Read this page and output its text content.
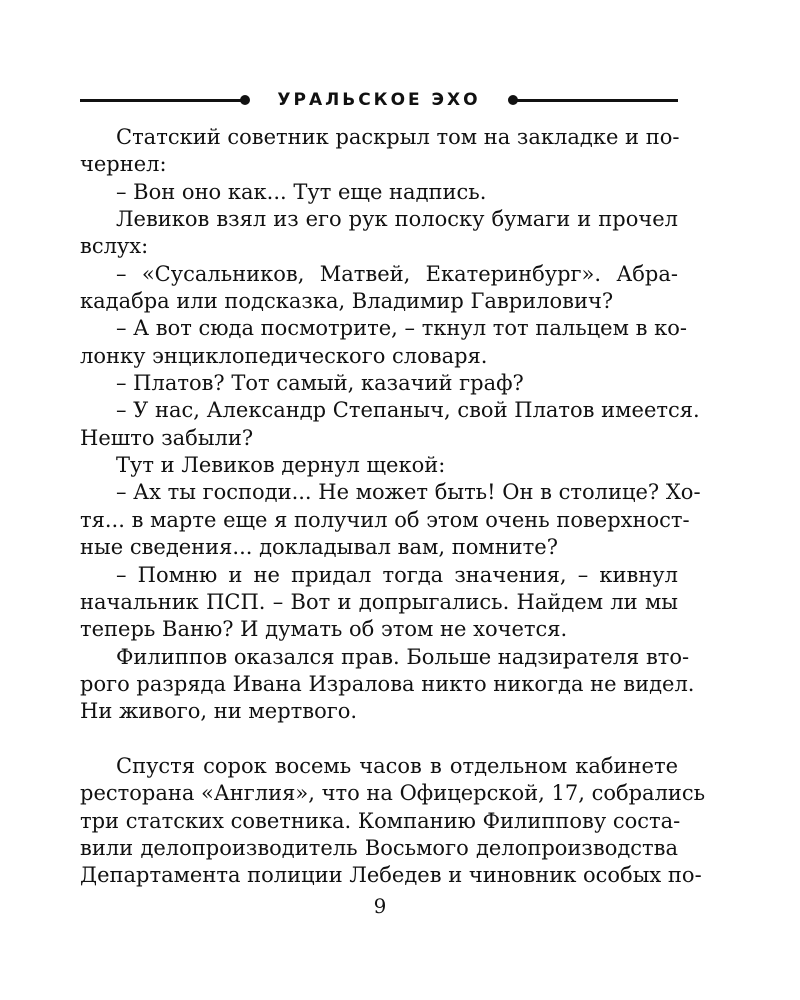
УРАЛЬСКОЕ ЭХО
Статский советник раскрыл том на закладке и по-
чернел:
– Вон оно как... Тут еще надпись.
Левиков взял из его рук полоску бумаги и прочел
вслух:
– «Сусальников, Матвей, Екатеринбург». Абра-
кадабра или подсказка, Владимир Гаврилович?
– А вот сюда посмотрите, – ткнул тот пальцем в ко-
лонку энциклопедического словаря.
– Платов? Тот самый, казачий граф?
– У нас, Александр Степаныч, свой Платов имеется.
Нешто забыли?
Тут и Левиков дернул щекой:
– Ах ты господи... Не может быть! Он в столице? Хо-
тя... в марте еще я получил об этом очень поверхност-
ные сведения... докладывал вам, помните?
– Помню и не придал тогда значения, – кивнул
начальник ПСП. – Вот и допрыгались. Найдем ли мы
теперь Ваню? И думать об этом не хочется.
Филиппов оказался прав. Больше надзирателя вто-
рого разряда Ивана Изралова никто никогда не видел.
Ни живого, ни мертвого.
Спустя сорок восемь часов в отдельном кабинете
ресторана «Англия», что на Офицерской, 17, собрались
три статских советника. Компанию Филиппову соста-
вили делопроизводитель Восьмого делопроизводства
Департамента полиции Лебедев и чиновник особых по-
9
